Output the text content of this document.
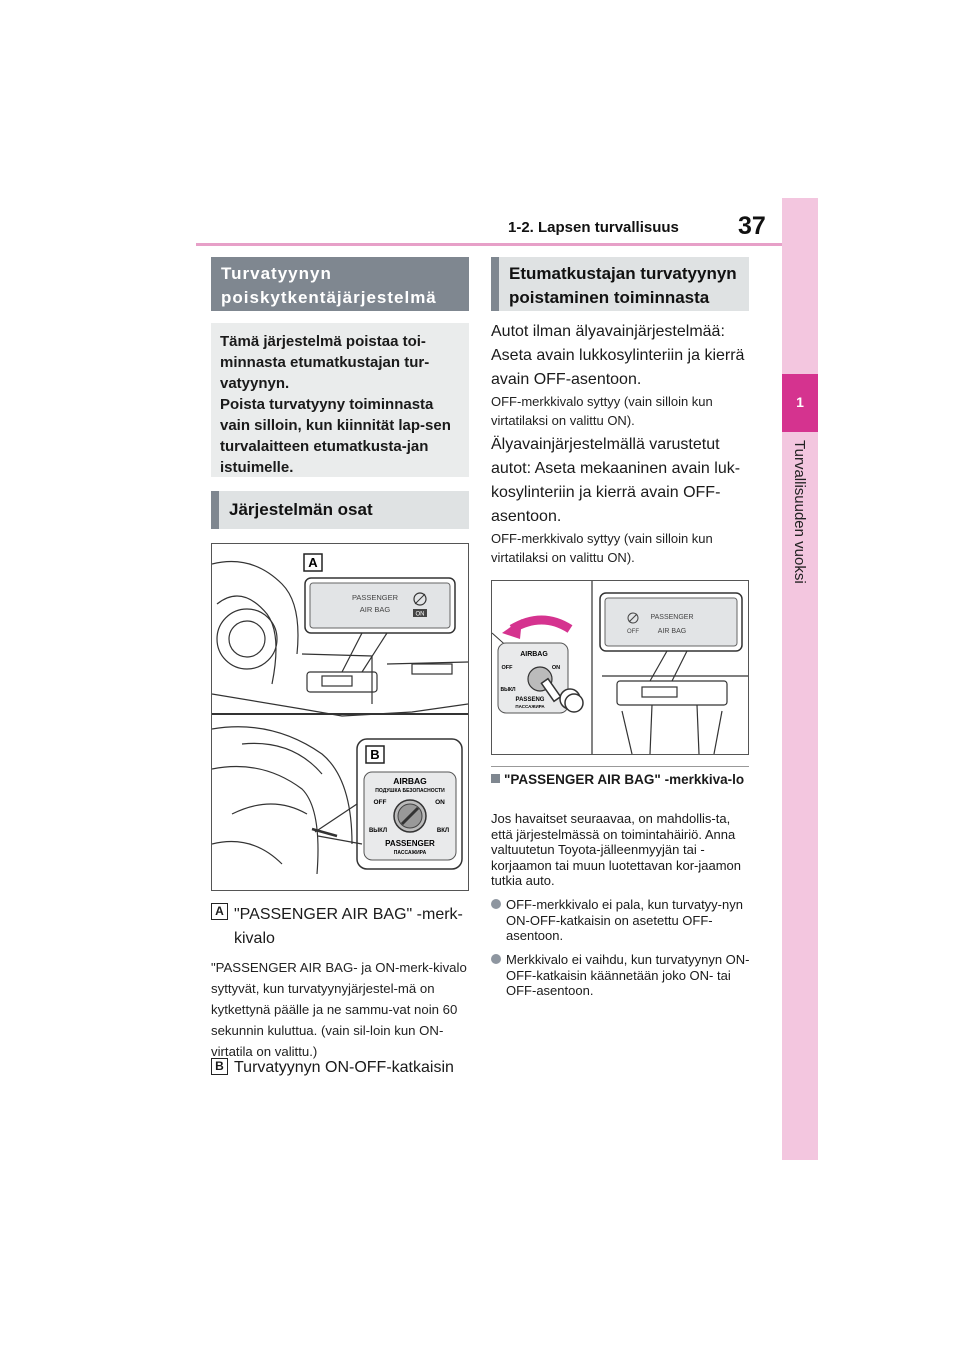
1-2. Lapsen turvallisuus 37
Turvallisuuden vuoksi
1
Turvatyynyn poiskytkentäjärjestelmä
Tämä järjestelmä poistaa toi-minnasta etumatkustajan tur-vatyynyn.
Poista turvatyyny toiminnasta vain silloin, kun kiinnität lap-sen turvalaitteen etumatkusta-jan istuimelle.
Järjestelmän osat
A
PASSENGER
AIR BAG
ON
B
AIRBAG
ПОДУШКА БЕЗОПАСНОСТИ
OFF	ON
ВЫКЛ	ВКЛ
PASSENGER
ПАССАЖИРА
A "PASSENGER AIR BAG" -merk-kivalo
"PASSENGER AIR BAG- ja ON-merk-kivalo syttyvät, kun turvatyynyjärjestel-mä on kytkettynä päälle ja ne sammu-vat noin 60 sekunnin kuluttua. (vain sil-loin kun ON-virtatila on valittu.)
B Turvatyynyn ON-OFF-katkaisin
Etumatkustajan turvatyynyn poistaminen toiminnasta
Autot ilman älyavainjärjestelmää: Aseta avain lukkosylinteriin ja kierrä avain OFF-asentoon.
OFF-merkkivalo syttyy (vain silloin kun virtatilaksi on valittu ON).
Älyavainjärjestelmällä varustetut autot: Aseta mekaaninen avain luk-kosylinteriin ja kierrä avain OFF-asentoon.
OFF-merkkivalo syttyy (vain silloin kun virtatilaksi on valittu ON).
OFF
PASSENGER
AIR BAG
AIRBAG
OFF	ON
ВЫКЛ
PASSENG
ПАССАЖИРА
"PASSENGER AIR BAG" -merkkiva-lo
Jos havaitset seuraavaa, on mahdollis-ta, että järjestelmässä on toimintahäiriö. Anna valtuutetun Toyota-jälleenmyyjän tai -korjaamon tai muun luotettavan kor-jaamon tutkia auto.
OFF-merkkivalo ei pala, kun turvatyy-nyn ON-OFF-katkaisin on asetettu OFF-asentoon.
Merkkivalo ei vaihdu, kun turvatyynyn ON-OFF-katkaisin käännetään joko ON- tai OFF-asentoon.
